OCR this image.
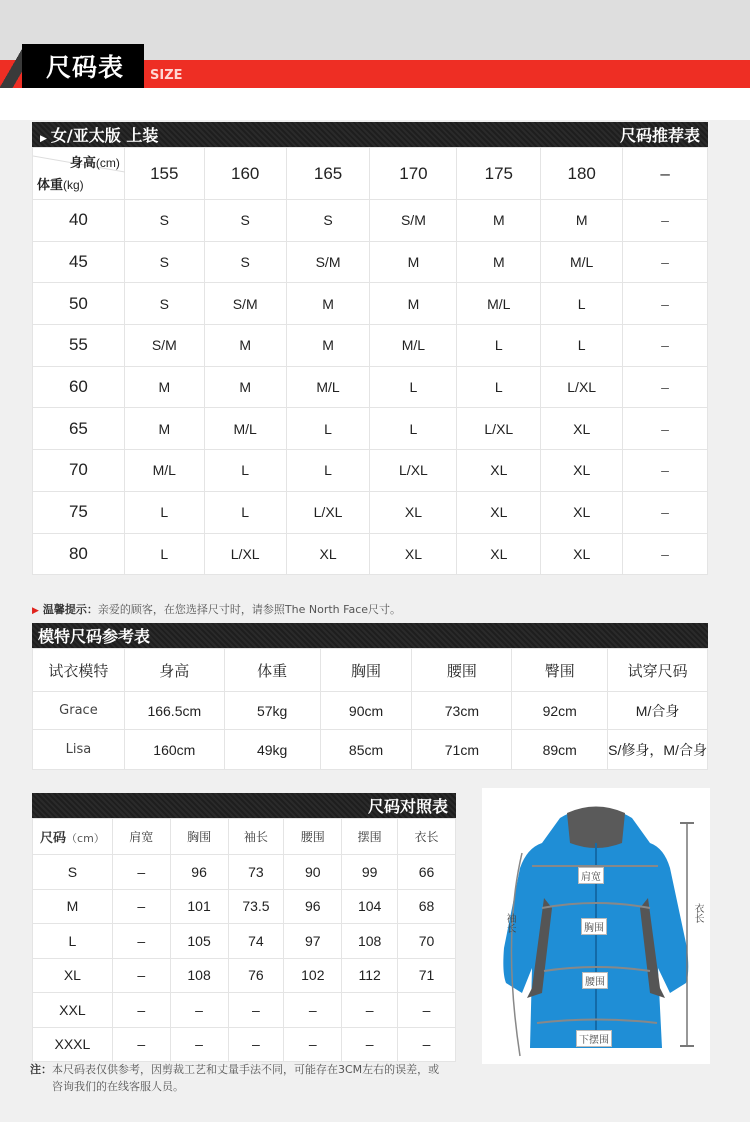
尺码表 SIZE
▶ 女/亚太版 上装	尺码推荐表
身高(cm)
体重(kg)	155	160	165	170	175	180	–
40	S	S	S	S/M	M	M	–
45	S	S	S/M	M	M	M/L	–
50	S	S/M	M	M	M/L	L	–
55	S/M	M	M	M/L	L	L	–
60	M	M	M/L	L	L	L/XL	–
65	M	M/L	L	L	L/XL	XL	–
70	M/L	L	L	L/XL	XL	XL	–
75	L	L	L/XL	XL	XL	XL	–
80	L	L/XL	XL	XL	XL	XL	–
▶ 温馨提示：亲爱的顾客，在您选择尺寸时，请参照The North Face尺寸。
模特尺码参考表
试衣模特	身高	体重	胸围	腰围	臀围	试穿尺码
Grace	166.5cm	57kg	90cm	73cm	92cm	M/合身
Lisa	160cm	49kg	85cm	71cm	89cm	S/修身，M/合身
尺码对照表
尺码（cm）	肩宽	胸围	袖长	腰围	摆围	衣长
S	–	96	73	90	99	66
M	–	101	73.5	96	104	68
L	–	105	74	97	108	70
XL	–	108	76	102	112	71
XXL	–	–	–	–	–	–
XXXL	–	–	–	–	–	–
肩宽
胸围
腰围
下摆围
袖长	衣长
注：本尺码表仅供参考，因剪裁工艺和丈量手法不同，可能存在3CM左右的误差，或
咨询我们的在线客服人员。
